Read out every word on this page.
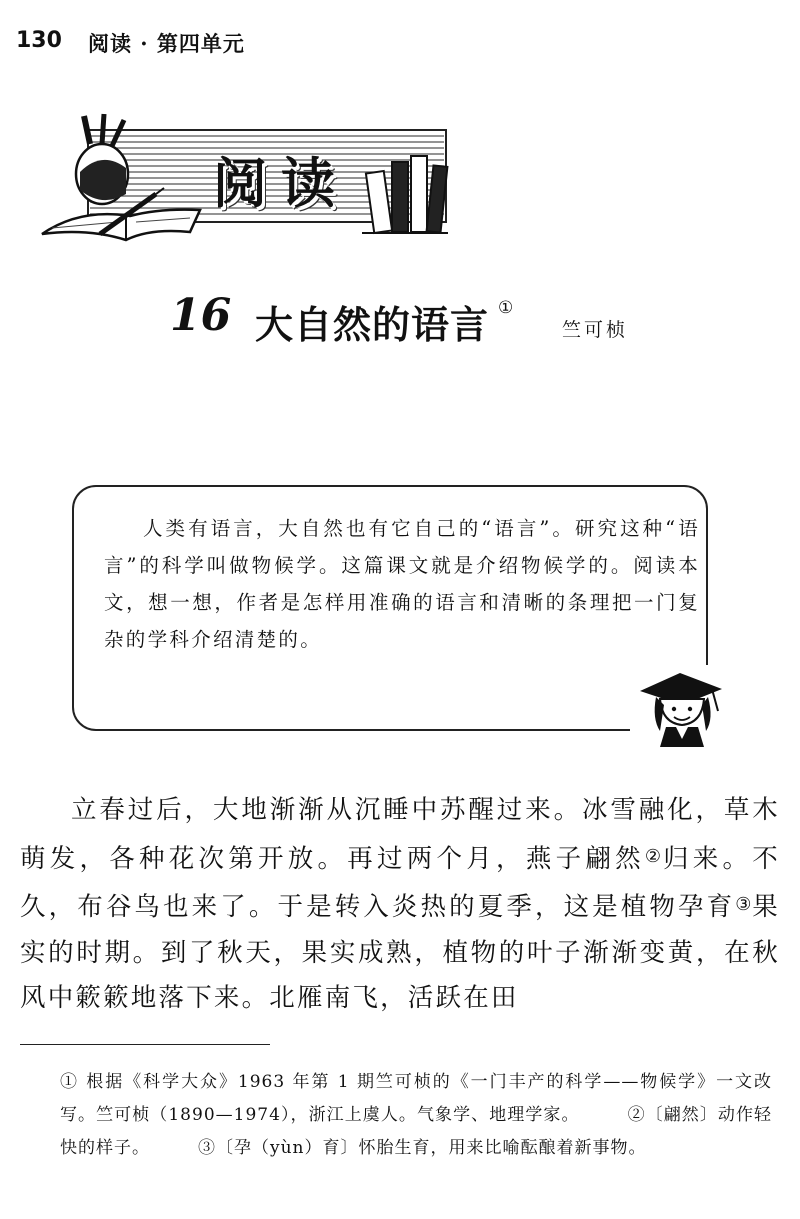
130 阅读 · 第四单元
阅读
16 大自然的语言 ①
竺可桢
人类有语言，大自然也有它自己的“语言”。研究这种“语言”的科学叫做物候学。这篇课文就是介绍物候学的。阅读本文，想一想，作者是怎样用准确的语言和清晰的条理把一门复杂的学科介绍清楚的。
立春过后，大地渐渐从沉睡中苏醒过来。冰雪融化，草木萌发，各种花次第开放。再过两个月，燕子翩然②归来。不久，布谷鸟也来了。于是转入炎热的夏季，这是植物孕育③果实的时期。到了秋天，果实成熟，植物的叶子渐渐变黄，在秋风中簌簌地落下来。北雁南飞，活跃在田
① 根据《科学大众》1963 年第 1 期竺可桢的《一门丰产的科学——物候学》一文改写。竺可桢（1890—1974），浙江上虞人。气象学、地理学家。	②〔翩然〕动作轻快的样子。	③〔孕（yùn）育〕怀胎生育，用来比喻酝酿着新事物。
